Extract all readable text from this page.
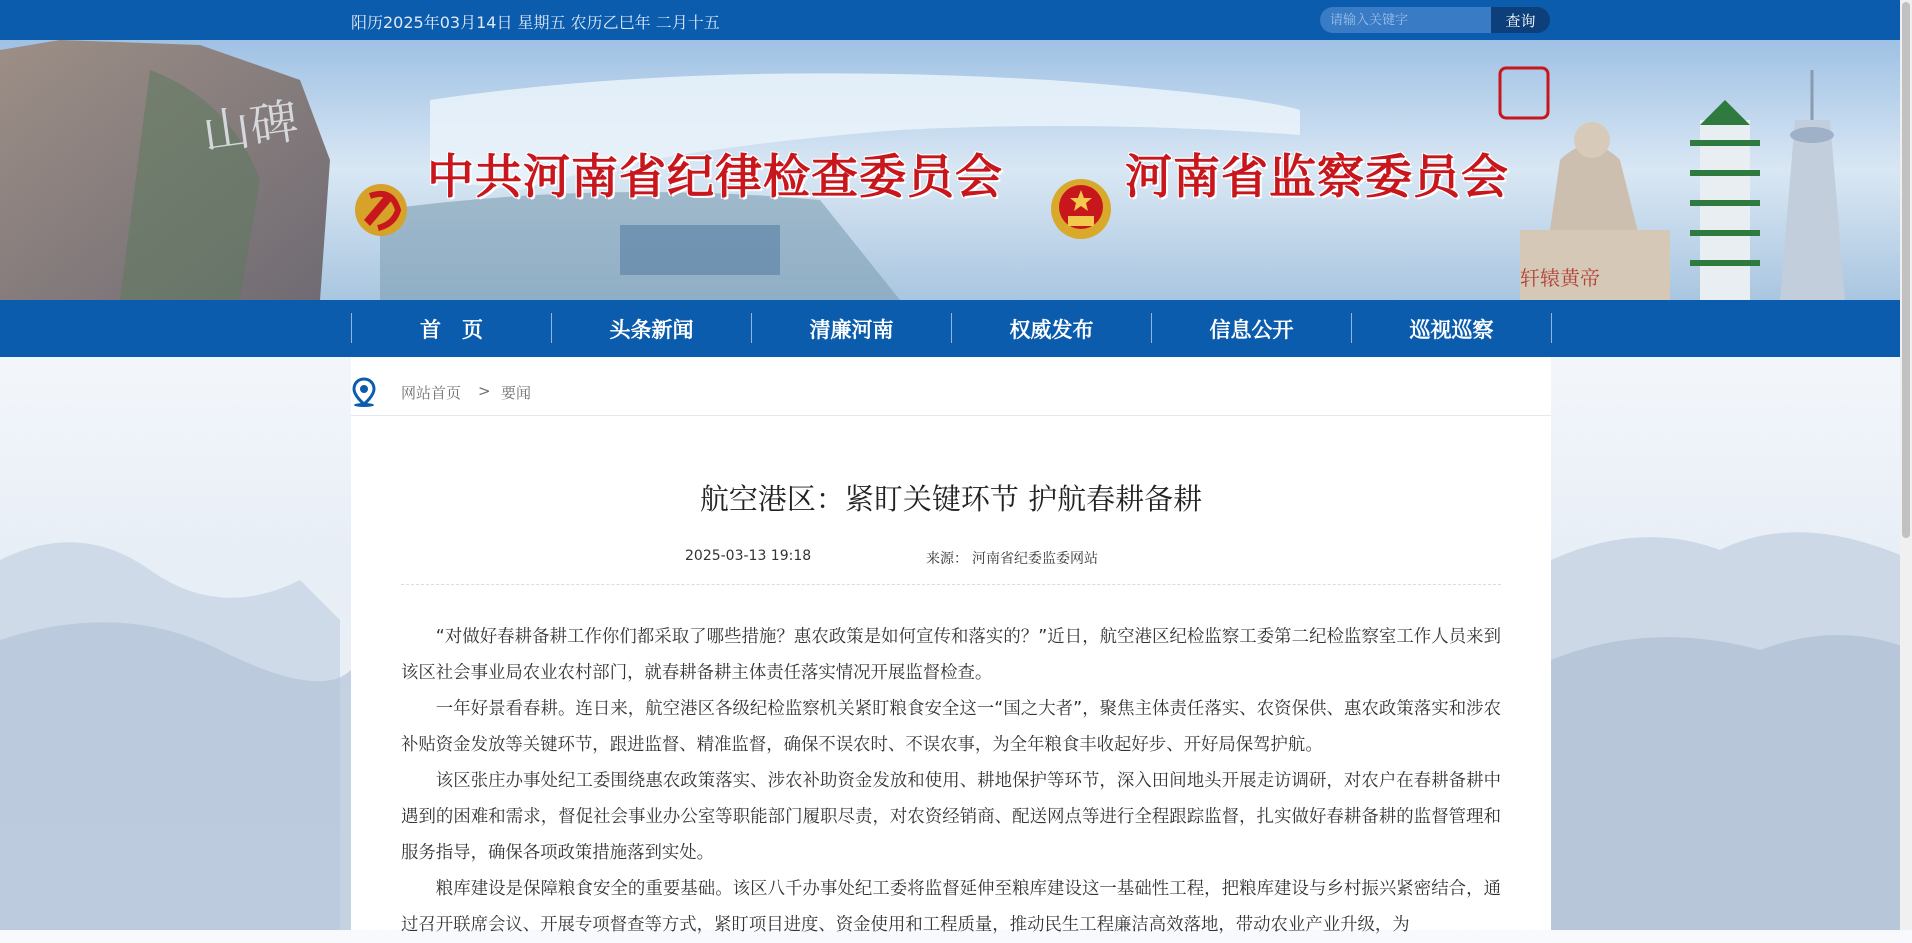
阳历2025年03月14日 星期五 农历乙巳年 二月十五
请输入关键字	查询
山碑
轩辕黄帝
中共河南省纪律检查委员会	河南省监察委员会
首　页	头条新闻	清廉河南	权威发布	信息公开	巡视巡察
网站首页 > 要闻
航空港区：紧盯关键环节 护航春耕备耕
2025-03-13 19:18	来源： 河南省纪委监委网站

“对做好春耕备耕工作你们都采取了哪些措施？惠农政策是如何宣传和落实的？”近日，航空港区纪检监察工委第二纪检监察室工作人员来到该区社会事业局农业农村部门，就春耕备耕主体责任落实情况开展监督检查。

一年好景看春耕。连日来，航空港区各级纪检监察机关紧盯粮食安全这一“国之大者”，聚焦主体责任落实、农资保供、惠农政策落实和涉农补贴资金发放等关键环节，跟进监督、精准监督，确保不误农时、不误农事，为全年粮食丰收起好步、开好局保驾护航。

该区张庄办事处纪工委围绕惠农政策落实、涉农补助资金发放和使用、耕地保护等环节，深入田间地头开展走访调研，对农户在春耕备耕中遇到的困难和需求，督促社会事业办公室等职能部门履职尽责，对农资经销商、配送网点等进行全程跟踪监督，扎实做好春耕备耕的监督管理和服务指导，确保各项政策措施落到实处。

粮库建设是保障粮食安全的重要基础。该区八千办事处纪工委将监督延伸至粮库建设这一基础性工程，把粮库建设与乡村振兴紧密结合，通过召开联席会议、开展专项督查等方式，紧盯项目进度、资金使用和工程质量，推动民生工程廉洁高效落地，带动农业产业升级，为
